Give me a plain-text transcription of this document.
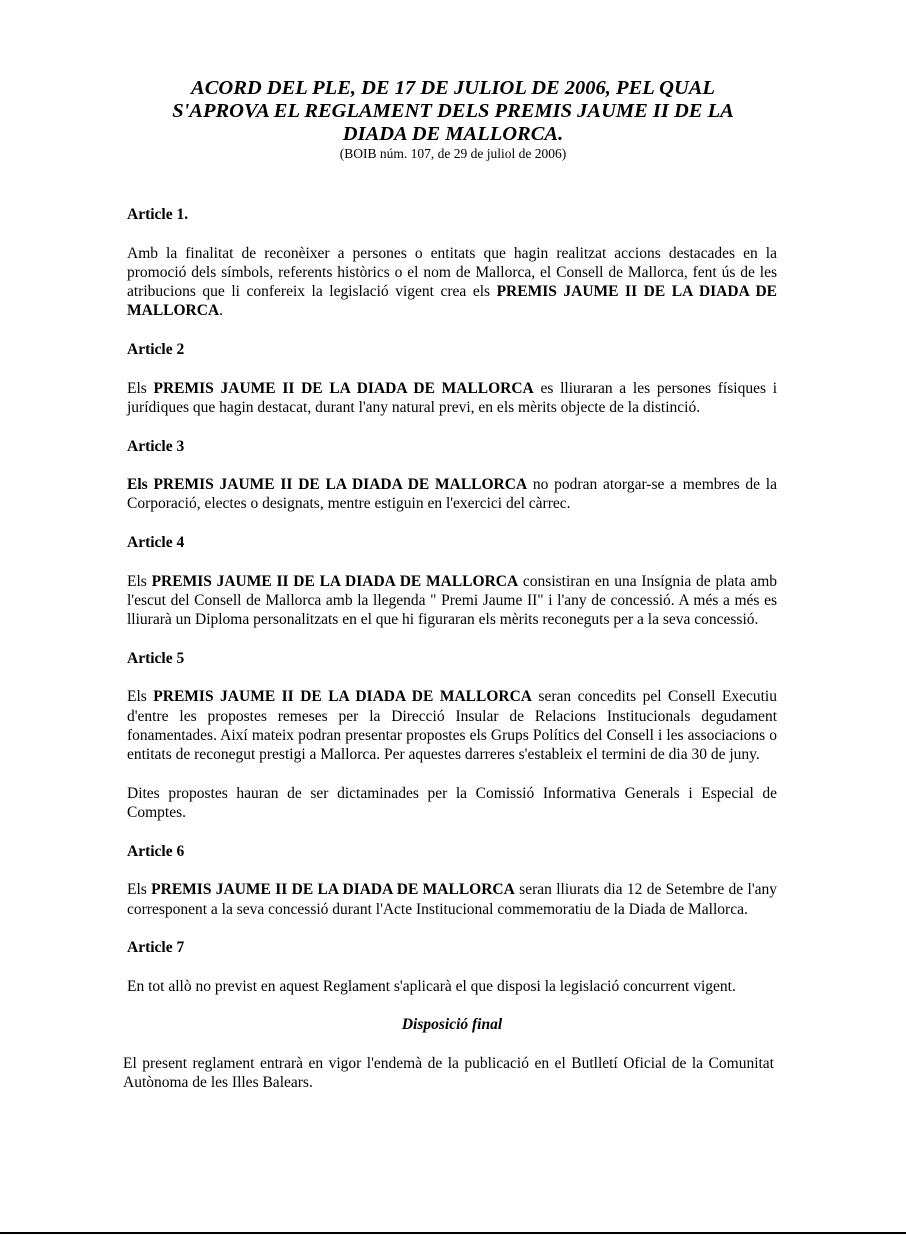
ACORD DEL PLE, DE 17 DE JULIOL DE 2006, PEL QUAL

S'APROVA EL REGLAMENT DELS PREMIS JAUME II DE LA

DIADA DE MALLORCA.

(BOIB núm. 107, de 29 de juliol de 2006)

Article 1.

Amb la finalitat de reconèixer a persones o entitats que hagin realitzat accions destacades en la promoció dels símbols, referents històrics o el nom de Mallorca, el Consell de Mallorca, fent ús de les atribucions que li confereix la legislació vigent crea els PREMIS JAUME II DE LA DIADA DE MALLORCA.

Article 2

Els PREMIS JAUME II DE LA DIADA DE MALLORCA es lliuraran a les persones físiques i jurídiques que hagin destacat, durant l'any natural previ, en els mèrits objecte de la distinció.

Article 3

Els PREMIS JAUME II DE LA DIADA DE MALLORCA no podran atorgar-se a membres de la Corporació, electes o designats, mentre estiguin en l'exercici del càrrec.

Article 4

Els PREMIS JAUME II DE LA DIADA DE MALLORCA consistiran en una Insígnia de plata amb l'escut del Consell de Mallorca amb la llegenda " Premi Jaume II" i l'any de concessió. A més a més es lliurarà un Diploma personalitzats en el que hi figuraran els mèrits reconeguts per a la seva concessió.

Article 5

Els PREMIS JAUME II DE LA DIADA DE MALLORCA seran concedits pel Consell Executiu d'entre les propostes remeses per la Direcció Insular de Relacions Institucionals degudament fonamentades. Així mateix podran presentar propostes els Grups Polítics del Consell i les associacions o entitats de reconegut prestigi a Mallorca. Per aquestes darreres s'estableix el termini de dia 30 de juny.

Dites propostes hauran de ser dictaminades per la Comissió Informativa Generals i Especial de Comptes.

Article 6

Els PREMIS JAUME II DE LA DIADA DE MALLORCA seran lliurats dia 12 de Setembre de l'any corresponent a la seva concessió durant l'Acte Institucional commemoratiu de la Diada de Mallorca.

Article 7

En tot allò no previst en aquest Reglament s'aplicarà el que disposi la legislació concurrent vigent.

Disposició final

El present reglament entrarà en vigor l'endemà de la publicació en el Butlletí Oficial de la Comunitat Autònoma de les Illes Balears.
